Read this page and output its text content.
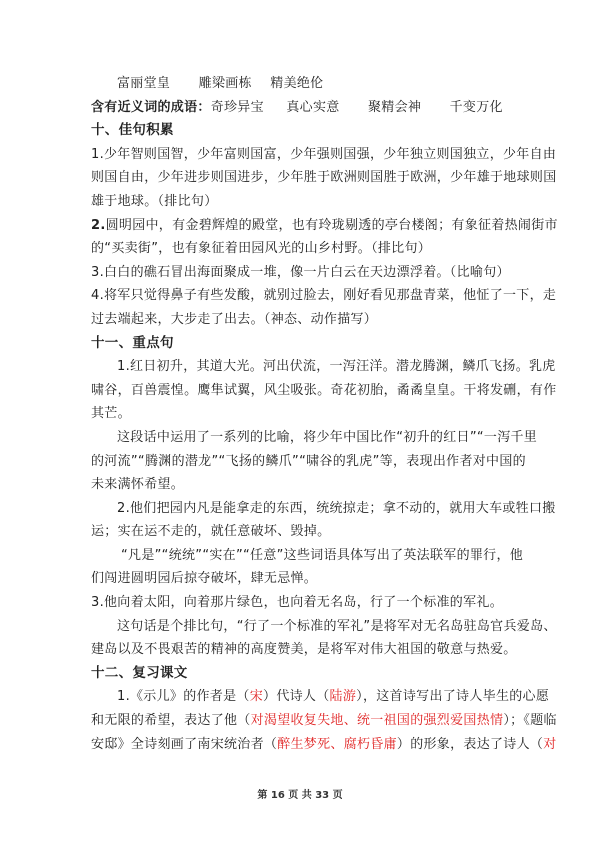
富丽堂皇 雕梁画栋 精美绝伦
含有近义词的成语：奇珍异宝 真心实意 聚精会神 千变万化
十、佳句积累
1.少年智则国智，少年富则国富，少年强则国强，少年独立则国独立，少年自由
则国自由，少年进步则国进步，少年胜于欧洲则国胜于欧洲，少年雄于地球则国
雄于地球。（排比句）
2.圆明园中，有金碧辉煌的殿堂，也有玲珑剔透的亭台楼阁；有象征着热闹街市
的“买卖街”，也有象征着田园风光的山乡村野。（排比句）
3.白白的礁石冒出海面聚成一堆，像一片白云在天边漂浮着。（比喻句）
4.将军只觉得鼻子有些发酸，就别过脸去，刚好看见那盘青菜，他怔了一下，走
过去端起来，大步走了出去。（神态、动作描写）
十一、重点句
1.红日初升，其道大光。河出伏流，一泻汪洋。潜龙腾渊，鳞爪飞扬。乳虎
啸谷，百兽震惶。鹰隼试翼，风尘吸张。奇花初胎，矞矞皇皇。干将发硎，有作
其芒。
这段话中运用了一系列的比喻，将少年中国比作“初升的红日”“一泻千里
的河流”“腾渊的潜龙”“飞扬的鳞爪”“啸谷的乳虎”等，表现出作者对中国的
未来满怀希望。
2.他们把园内凡是能拿走的东西，统统掠走；拿不动的，就用大车或牲口搬
运；实在运不走的，就任意破坏、毁掉。
“凡是”“统统”“实在”“任意”这些词语具体写出了英法联军的罪行，他
们闯进圆明园后掠夺破坏，肆无忌惮。
3.他向着太阳，向着那片绿色，也向着无名岛，行了一个标准的军礼。
这句话是个排比句，“行了一个标准的军礼”是将军对无名岛驻岛官兵爱岛、
建岛以及不畏艰苦的精神的高度赞美，是将军对伟大祖国的敬意与热爱。
十二、复习课文
1.《示儿》的作者是（宋）代诗人（陆游），这首诗写出了诗人毕生的心愿
和无限的希望，表达了他（对渴望收复失地、统一祖国的强烈爱国热情）；《题临
安邸》全诗刻画了南宋统治者（醉生梦死、腐朽昏庸）的形象，表达了诗人（对
第 16 页 共 33 页
